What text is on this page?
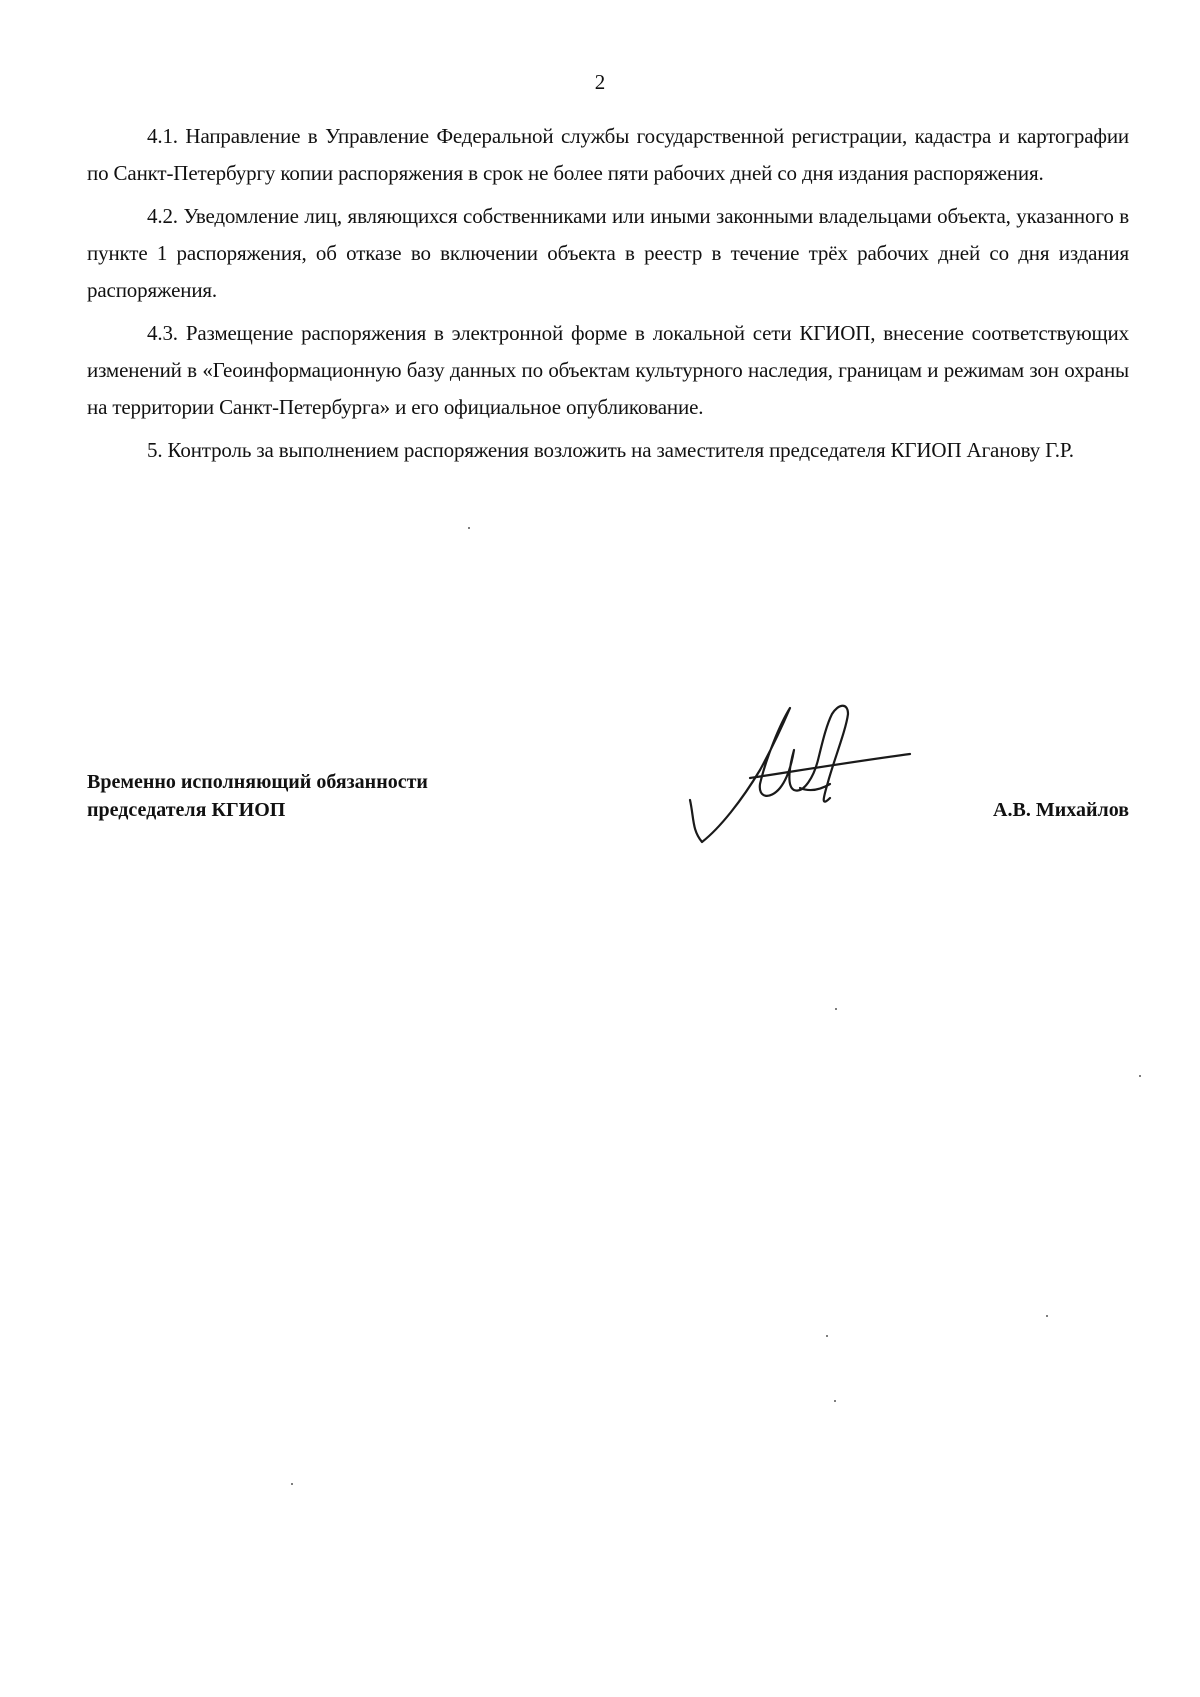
2

4.1. Направление в Управление Федеральной службы государственной регистрации, кадастра и картографии по Санкт-Петербургу копии распоряжения в срок не более пяти рабочих дней со дня издания распоряжения.

4.2. Уведомление лиц, являющихся собственниками или иными законными владельцами объекта, указанного в пункте 1 распоряжения, об отказе во включении объекта в реестр в течение трёх рабочих дней со дня издания распоряжения.

4.3. Размещение распоряжения в электронной форме в локальной сети КГИОП, внесение соответствующих изменений в «Геоинформационную базу данных по объектам культурного наследия, границам и режимам зон охраны на территории Санкт-Петербурга» и его официальное опубликование.

5. Контроль за выполнением распоряжения возложить на заместителя председателя КГИОП Аганову Г.Р.

Временно исполняющий обязанности
председателя КГИОП	А.В. Михайлов
